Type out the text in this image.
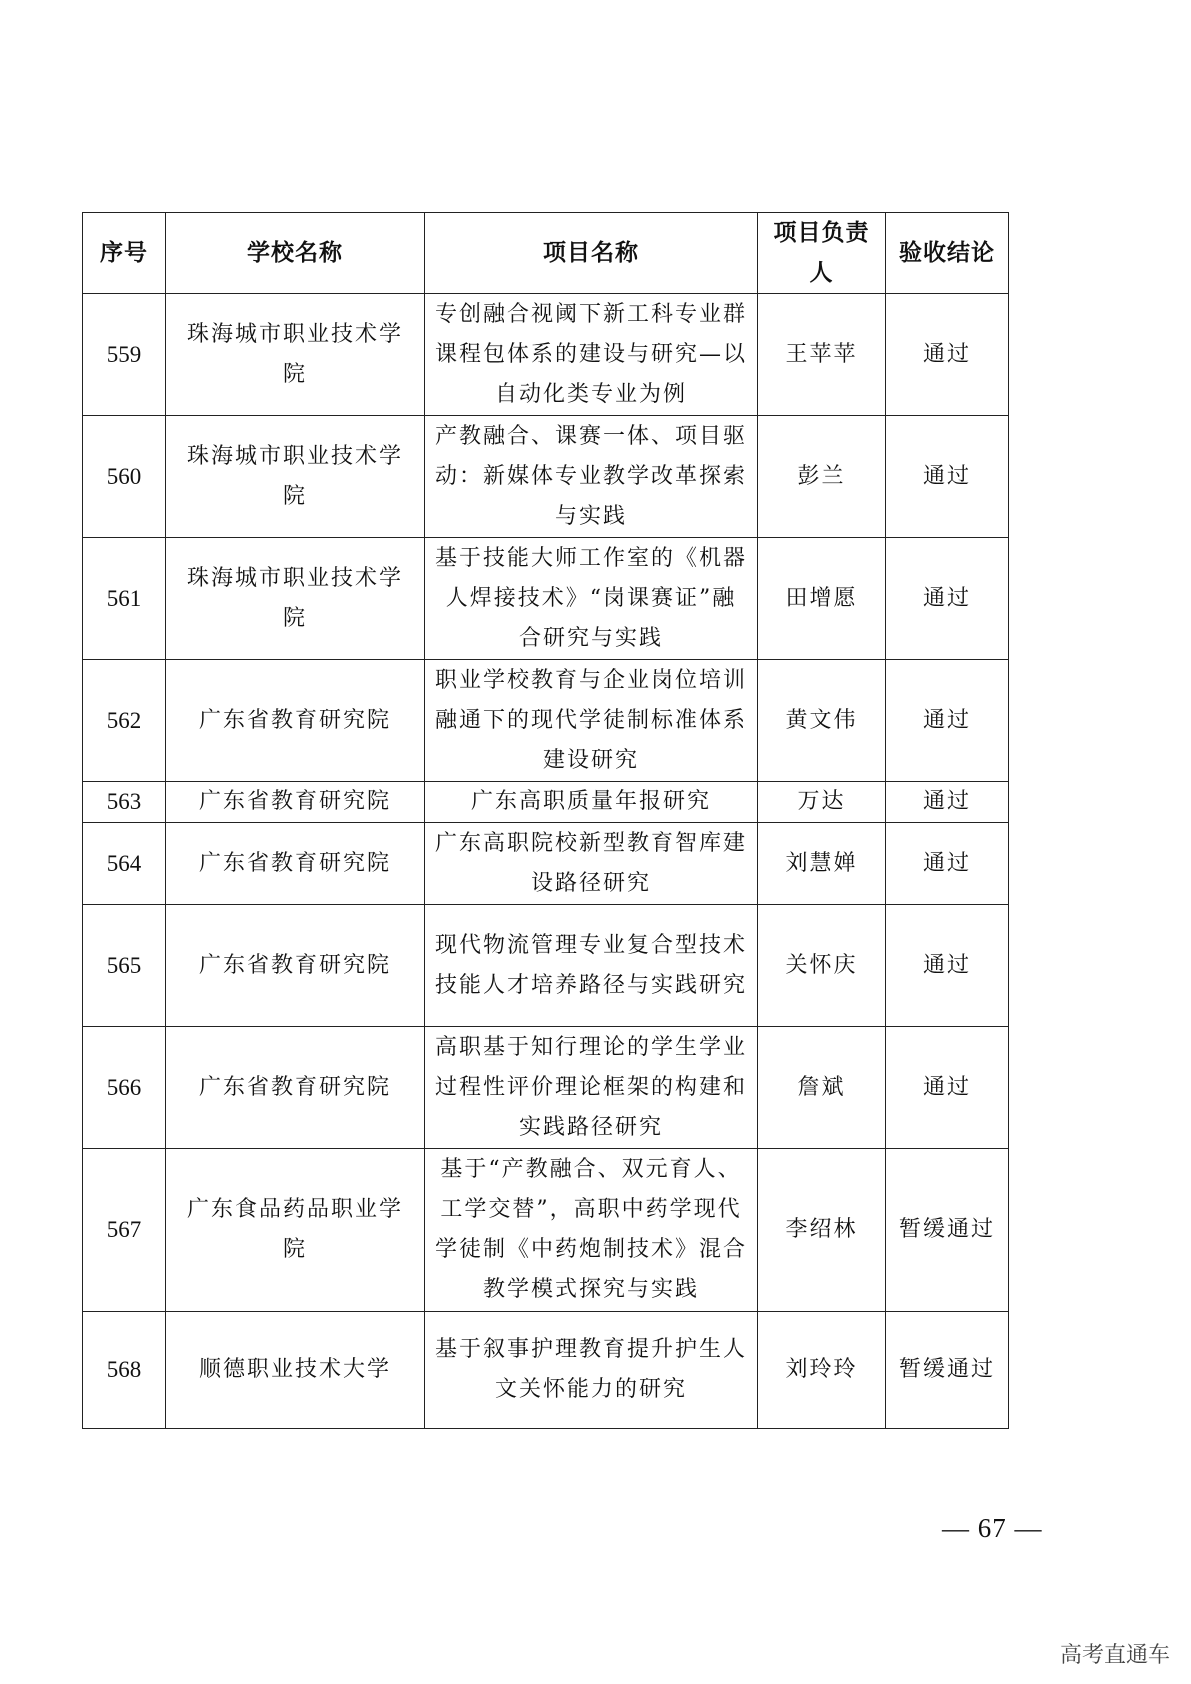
序号	学校名称	项目名称	项目负责人	验收结论
559	珠海城市职业技术学院	专创融合视阈下新工科专业群课程包体系的建设与研究—以自动化类专业为例	王苹苹	通过
560	珠海城市职业技术学院	产教融合、课赛一体、项目驱动：新媒体专业教学改革探索与实践	彭兰	通过
561	珠海城市职业技术学院	基于技能大师工作室的《机器人焊接技术》“岗课赛证”融合研究与实践	田增愿	通过
562	广东省教育研究院	职业学校教育与企业岗位培训融通下的现代学徒制标准体系建设研究	黄文伟	通过
563	广东省教育研究院	广东高职质量年报研究	万达	通过
564	广东省教育研究院	广东高职院校新型教育智库建设路径研究	刘慧婵	通过
565	广东省教育研究院	现代物流管理专业复合型技术技能人才培养路径与实践研究	关怀庆	通过
566	广东省教育研究院	高职基于知行理论的学生学业过程性评价理论框架的构建和实践路径研究	詹斌	通过
567	广东食品药品职业学院	基于“产教融合、双元育人、工学交替”，高职中药学现代学徒制《中药炮制技术》混合教学模式探究与实践	李绍林	暂缓通过
568	顺德职业技术大学	基于叙事护理教育提升护生人文关怀能力的研究	刘玲玲	暂缓通过
— 67 —
高考直通车
